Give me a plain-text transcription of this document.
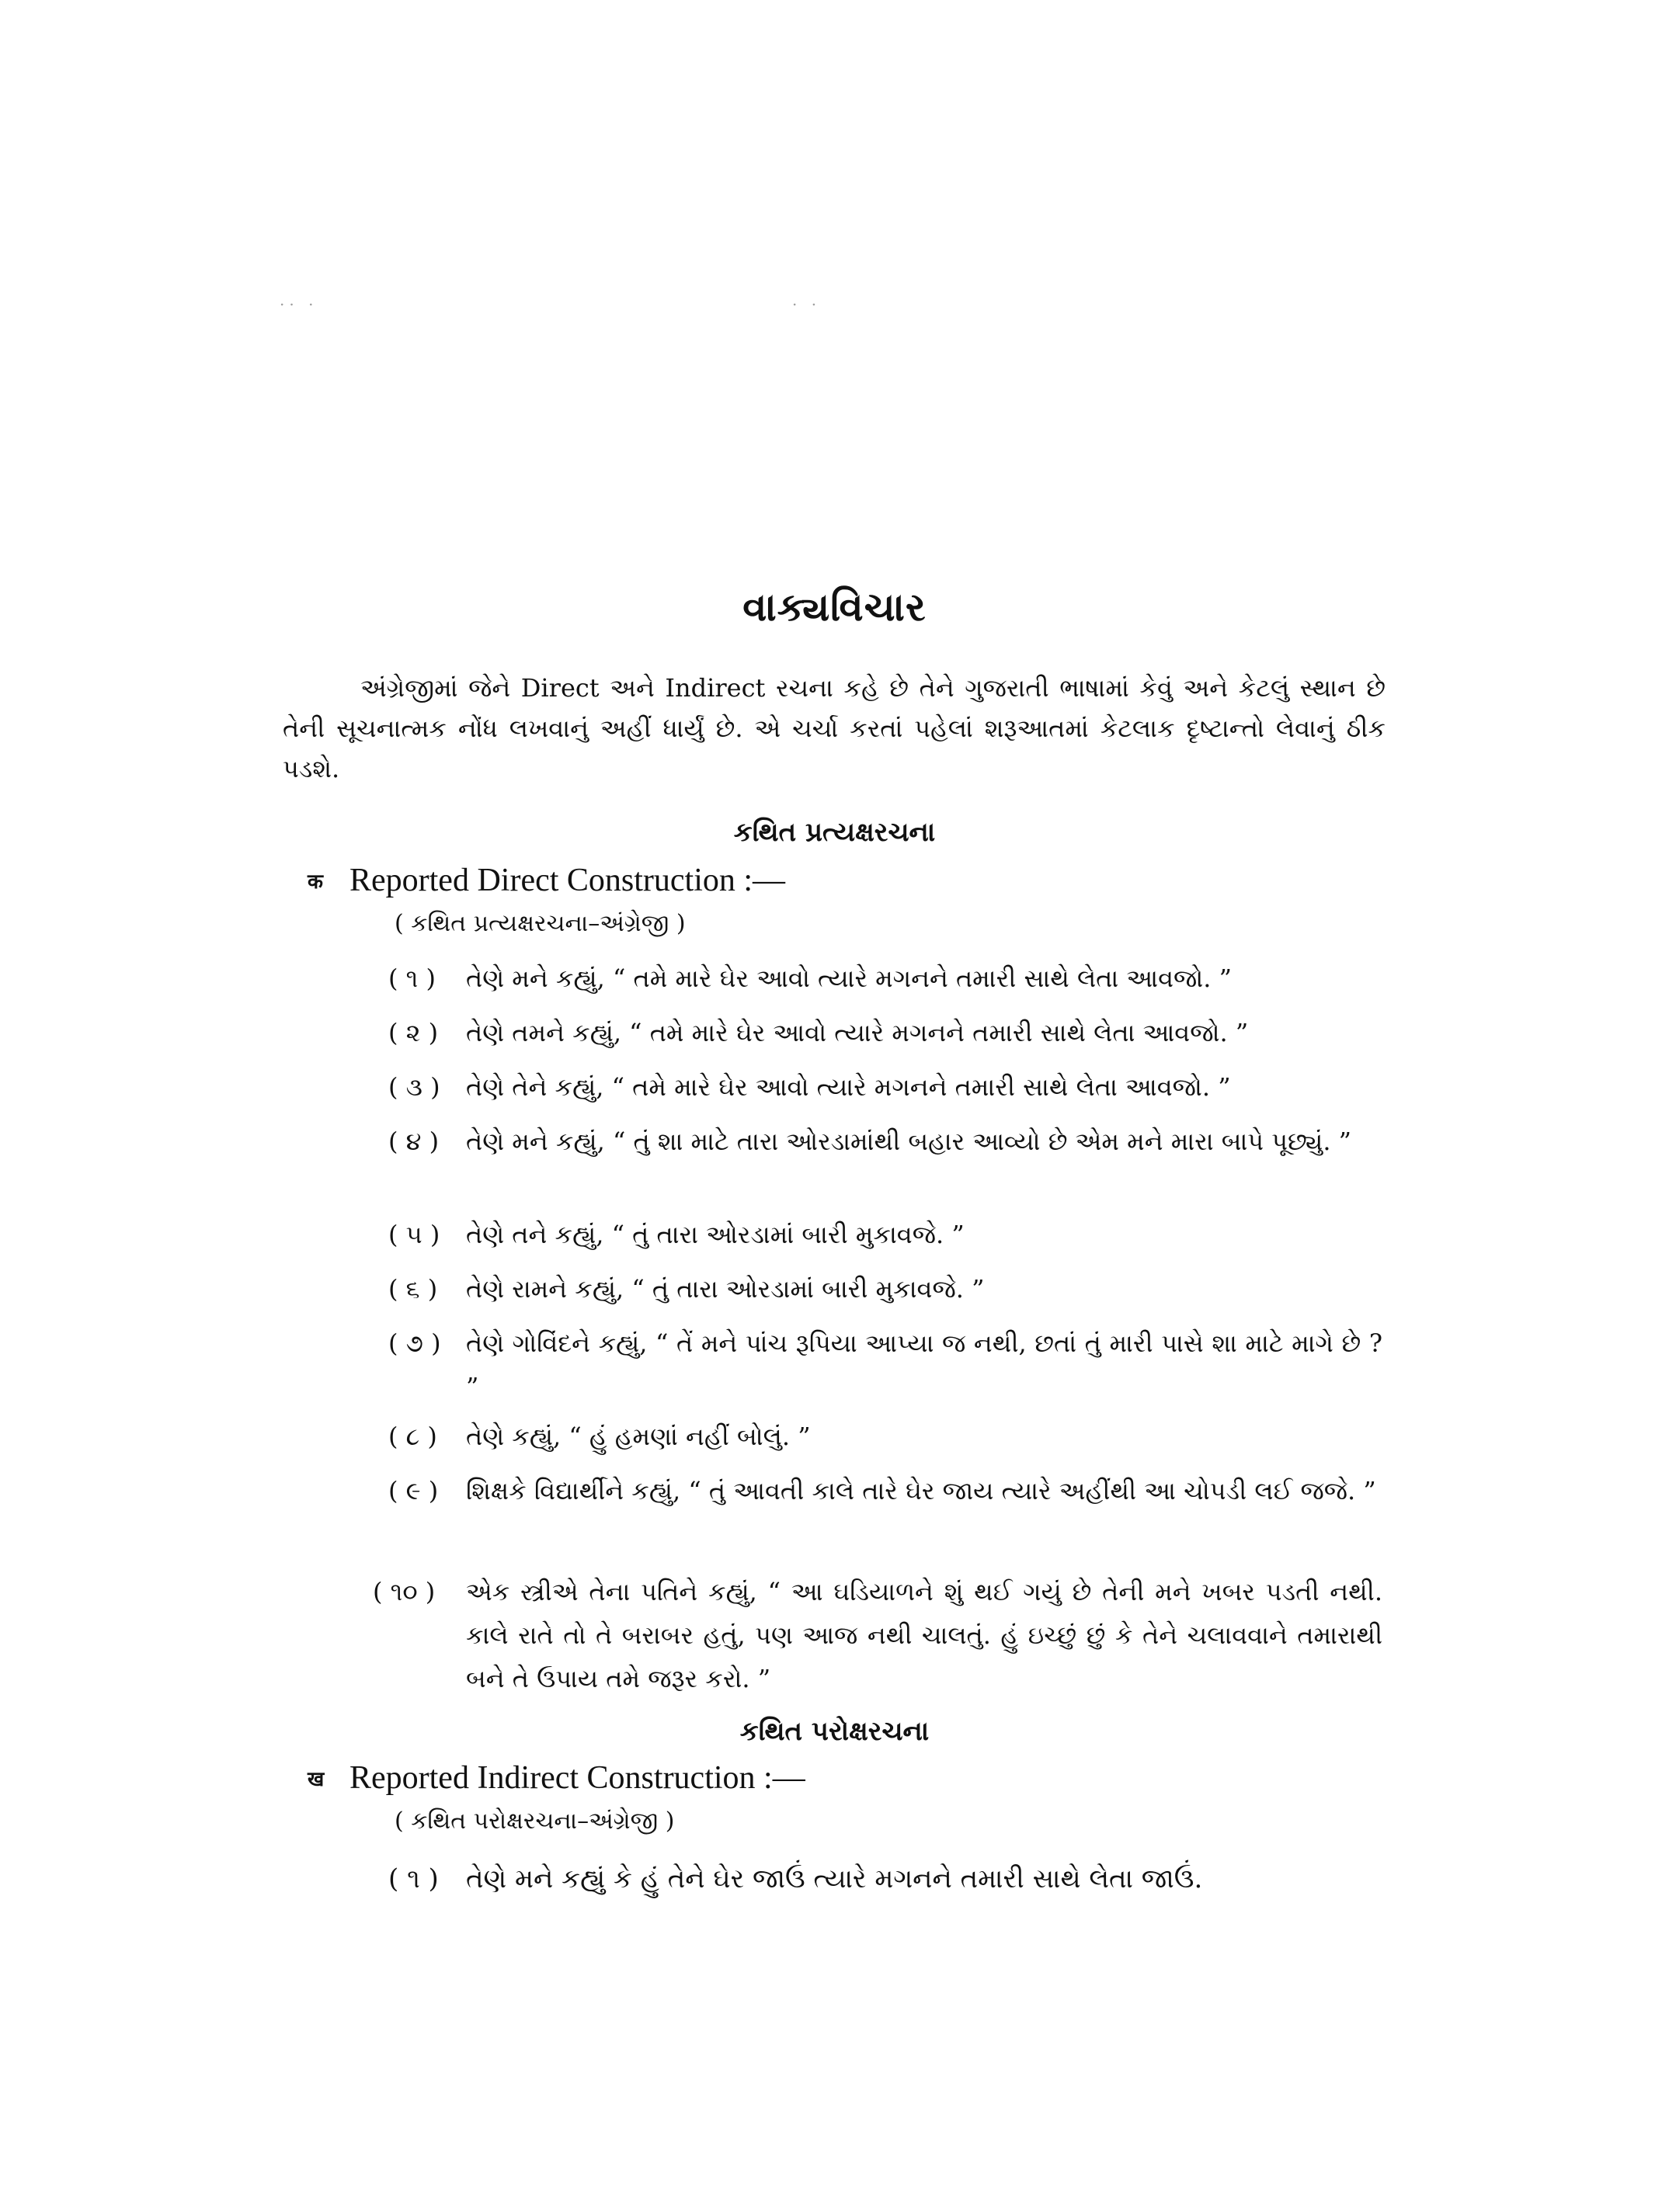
·· ·	· ·
વાક્યવિચાર
અંગ્રેજીમાં જેને Direct અને Indirect રચના કહે છે તેને ગુજરાતી ભાષામાં કેવું અને કેટલું સ્થાન છે તેની સૂચનાત્મક નોંધ લખવાનું અહીં ધાર્યું છે. એ ચર્ચા કરતાં પહેલાં શરૂઆતમાં કેટલાક દૃષ્ટાન્તો લેવાનું ઠીક પડશે.
કથિત પ્રત્યક્ષરચના
क Reported Direct Construction :—
( કથિત પ્રત્યક્ષરચના–અંગ્રેજી )
( ૧ ) તેણે મને કહ્યું, “ તમે મારે ઘેર આવો ત્યારે મગનને તમારી સાથે લેતા આવજો. ”
( ૨ ) તેણે તમને કહ્યું, “ તમે મારે ઘેર આવો ત્યારે મગનને તમારી સાથે લેતા આવજો. ”
( ૩ ) તેણે તેને કહ્યું, “ તમે મારે ઘેર આવો ત્યારે મગનને તમારી સાથે લેતા આવજો. ”
( ૪ ) તેણે મને કહ્યું, “ તું શા માટે તારા ઓરડામાંથી બહાર આવ્યો છે એમ મને મારા બાપે પૂછ્યું. ”
( ૫ ) તેણે તને કહ્યું, “ તું તારા ઓરડામાં બારી મુકાવજે. ”
( ૬ ) તેણે રામને કહ્યું, “ તું તારા ઓરડામાં બારી મુકાવજે. ”
( ૭ ) તેણે ગોવિંદને કહ્યું, “ તેં મને પાંચ રૂપિયા આપ્યા જ નથી, છતાં તું મારી પાસે શા માટે માગે છે ? ”
( ૮ ) તેણે કહ્યું, “ હું હમણાં નહીં બોલું. ”
( ૯ ) શિક્ષકે વિદ્યાર્થીને કહ્યું, “ તું આવતી કાલે તારે ઘેર જાય ત્યારે અહીંથી આ ચોપડી લઈ જજે. ”
( ૧૦ ) એક સ્ત્રીએ તેના પતિને કહ્યું, “ આ ઘડિયાળને શું થઈ ગયું છે તેની મને ખબર પડતી નથી. કાલે રાતે તો તે બરાબર હતું, પણ આજ નથી ચાલતું. હું ઇચ્છું છું કે તેને ચલાવવાને તમારાથી બને તે ઉપાય તમે જરૂર કરો. ”
કથિત પરોક્ષરચના
ख Reported Indirect Construction :—
( કથિત પરોક્ષરચના–અંગ્રેજી )
( ૧ ) તેણે મને કહ્યું કે હું તેને ઘેર જાઉં ત્યારે મગનને તમારી સાથે લેતા જાઉં.
